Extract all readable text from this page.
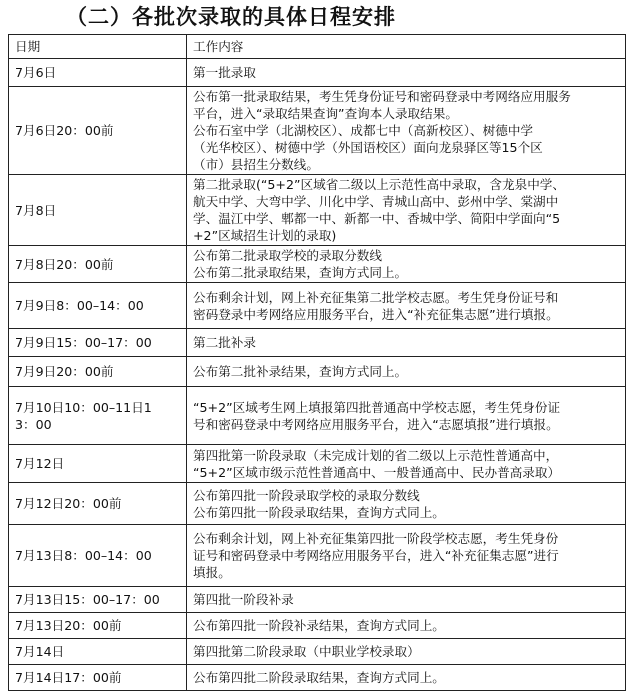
（二）各批次录取的具体日程安排
日期	工作内容

7月6日	第一批录取

7月6日20：00前	公布第一批录取结果，考生凭身份证号和密码登录中考网络应用服务
平台，进入“录取结果查询”查询本人录取结果。
公布石室中学（北湖校区）、成都七中（高新校区）、树德中学
（光华校区）、树德中学（外国语校区）面向龙泉驿区等15个区
（市）县招生分数线。

7月8日	第二批录取(“5+2”区域省二级以上示范性高中录取，含龙泉中学、
航天中学、大弯中学、川化中学、青城山高中、彭州中学、棠湖中
学、温江中学、郫都一中、新都一中、香城中学、简阳中学面向“5
+2”区域招生计划的录取)

7月8日20：00前	公布第二批录取学校的录取分数线
公布第二批录取结果，查询方式同上。

7月9日8：00–14：00	公布剩余计划，网上补充征集第二批学校志愿。考生凭身份证号和
密码登录中考网络应用服务平台，进入“补充征集志愿”进行填报。

7月9日15：00–17：00	第二批补录

7月9日20：00前	公布第二批补录结果，查询方式同上。

7月10日10：00–11日1
3：00	“5+2”区域考生网上填报第四批普通高中学校志愿，考生凭身份证
号和密码登录中考网络应用服务平台，进入“志愿填报”进行填报。

7月12日	第四批第一阶段录取（未完成计划的省二级以上示范性普通高中，
“5+2”区域市级示范性普通高中、一般普通高中、民办普高录取）

7月12日20：00前	公布第四批一阶段录取学校的录取分数线
公布第四批一阶段录取结果，查询方式同上。

7月13日8：00–14：00	公布剩余计划，网上补充征集第四批一阶段学校志愿，考生凭身份
证号和密码登录中考网络应用服务平台，进入“补充征集志愿”进行
填报。

7月13日15：00–17：00	第四批一阶段补录

7月13日20：00前	公布第四批一阶段补录结果，查询方式同上。

7月14日	第四批第二阶段录取（中职业学校录取）

7月14日17：00前	公布第四批二阶段录取结果，查询方式同上。
